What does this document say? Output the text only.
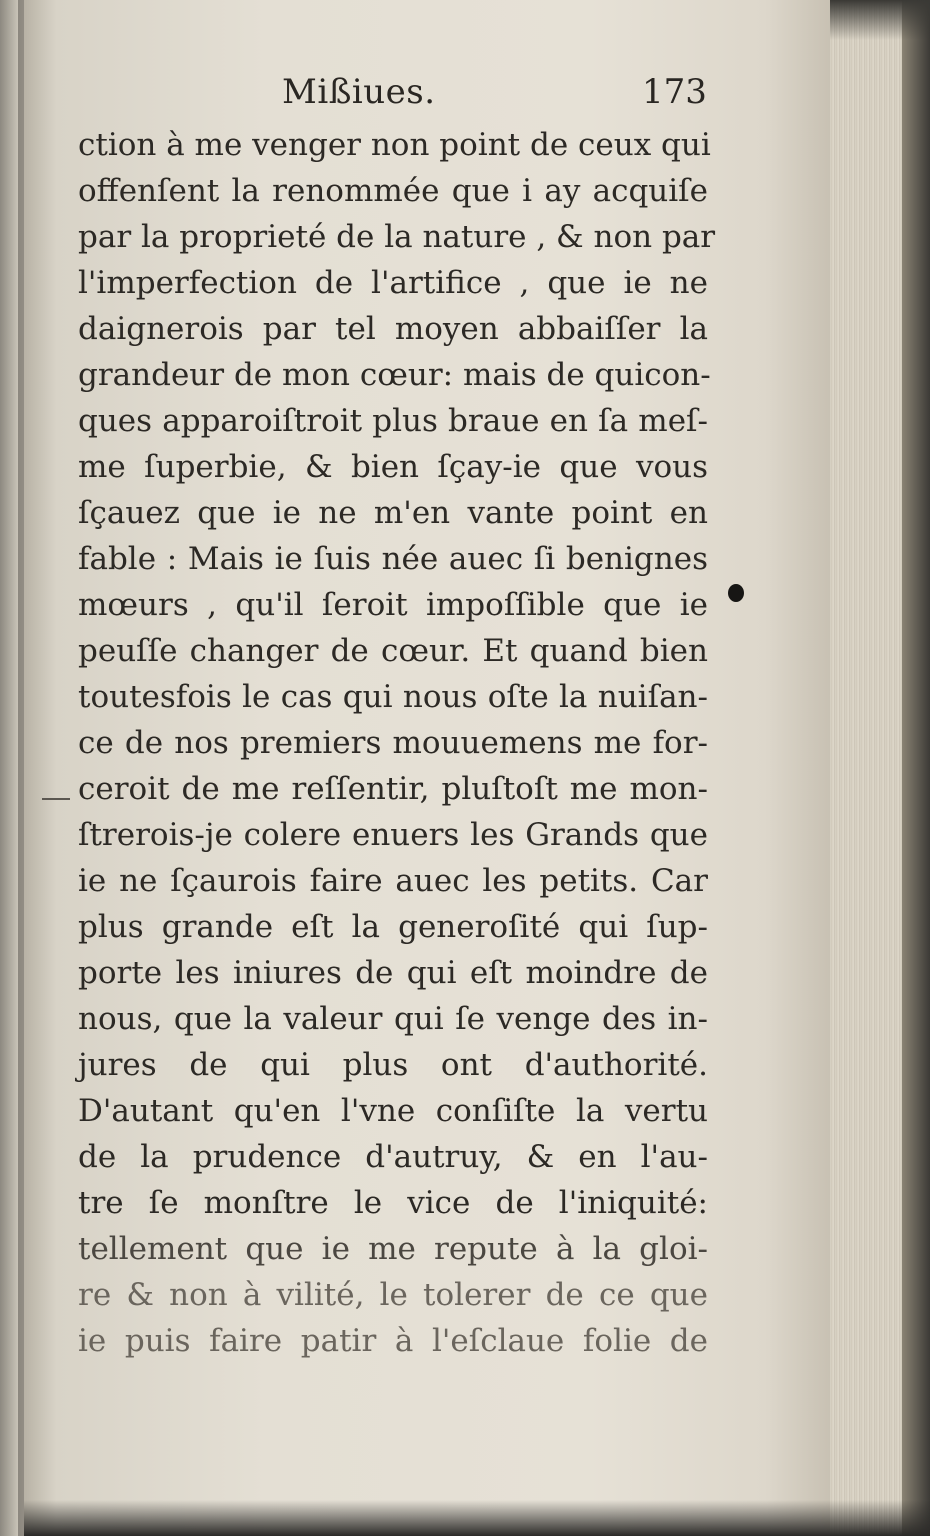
Mißiues.	173
ction à me venger non point de ceux qui
offenſent la renommée que i ay acquiſe
par la proprieté de la nature , & non par
l'imperfection de l'artifice , que ie ne
daignerois par tel moyen abbaiſſer la
grandeur de mon cœur: mais de quicon-
ques apparoiſtroit plus braue en ſa meſ-
me ſuperbie, & bien ſçay-ie que vous
ſçauez que ie ne m'en vante point en
fable : Mais ie ſuis née auec ſi benignes
mœurs , qu'il ſeroit impoſſible que ie
peuſſe changer de cœur. Et quand bien
toutesfois le cas qui nous oſte la nuiſan-
ce de nos premiers mouuemens me for-
ceroit de me reſſentir, pluſtoſt me mon-
ſtrerois-je colere enuers les Grands que
ie ne ſçaurois faire auec les petits. Car
plus grande eſt la generoſité qui ſup-
porte les iniures de qui eſt moindre de
nous, que la valeur qui ſe venge des in-
jures de qui plus ont d'authorité.
D'autant qu'en l'vne conſiſte la vertu
de la prudence d'autruy, & en l'au-
tre ſe monſtre le vice de l'iniquité:
tellement que ie me repute à la gloi-
re & non à vilité, le tolerer de ce que
ie puis faire patir à l'eſclaue folie de
